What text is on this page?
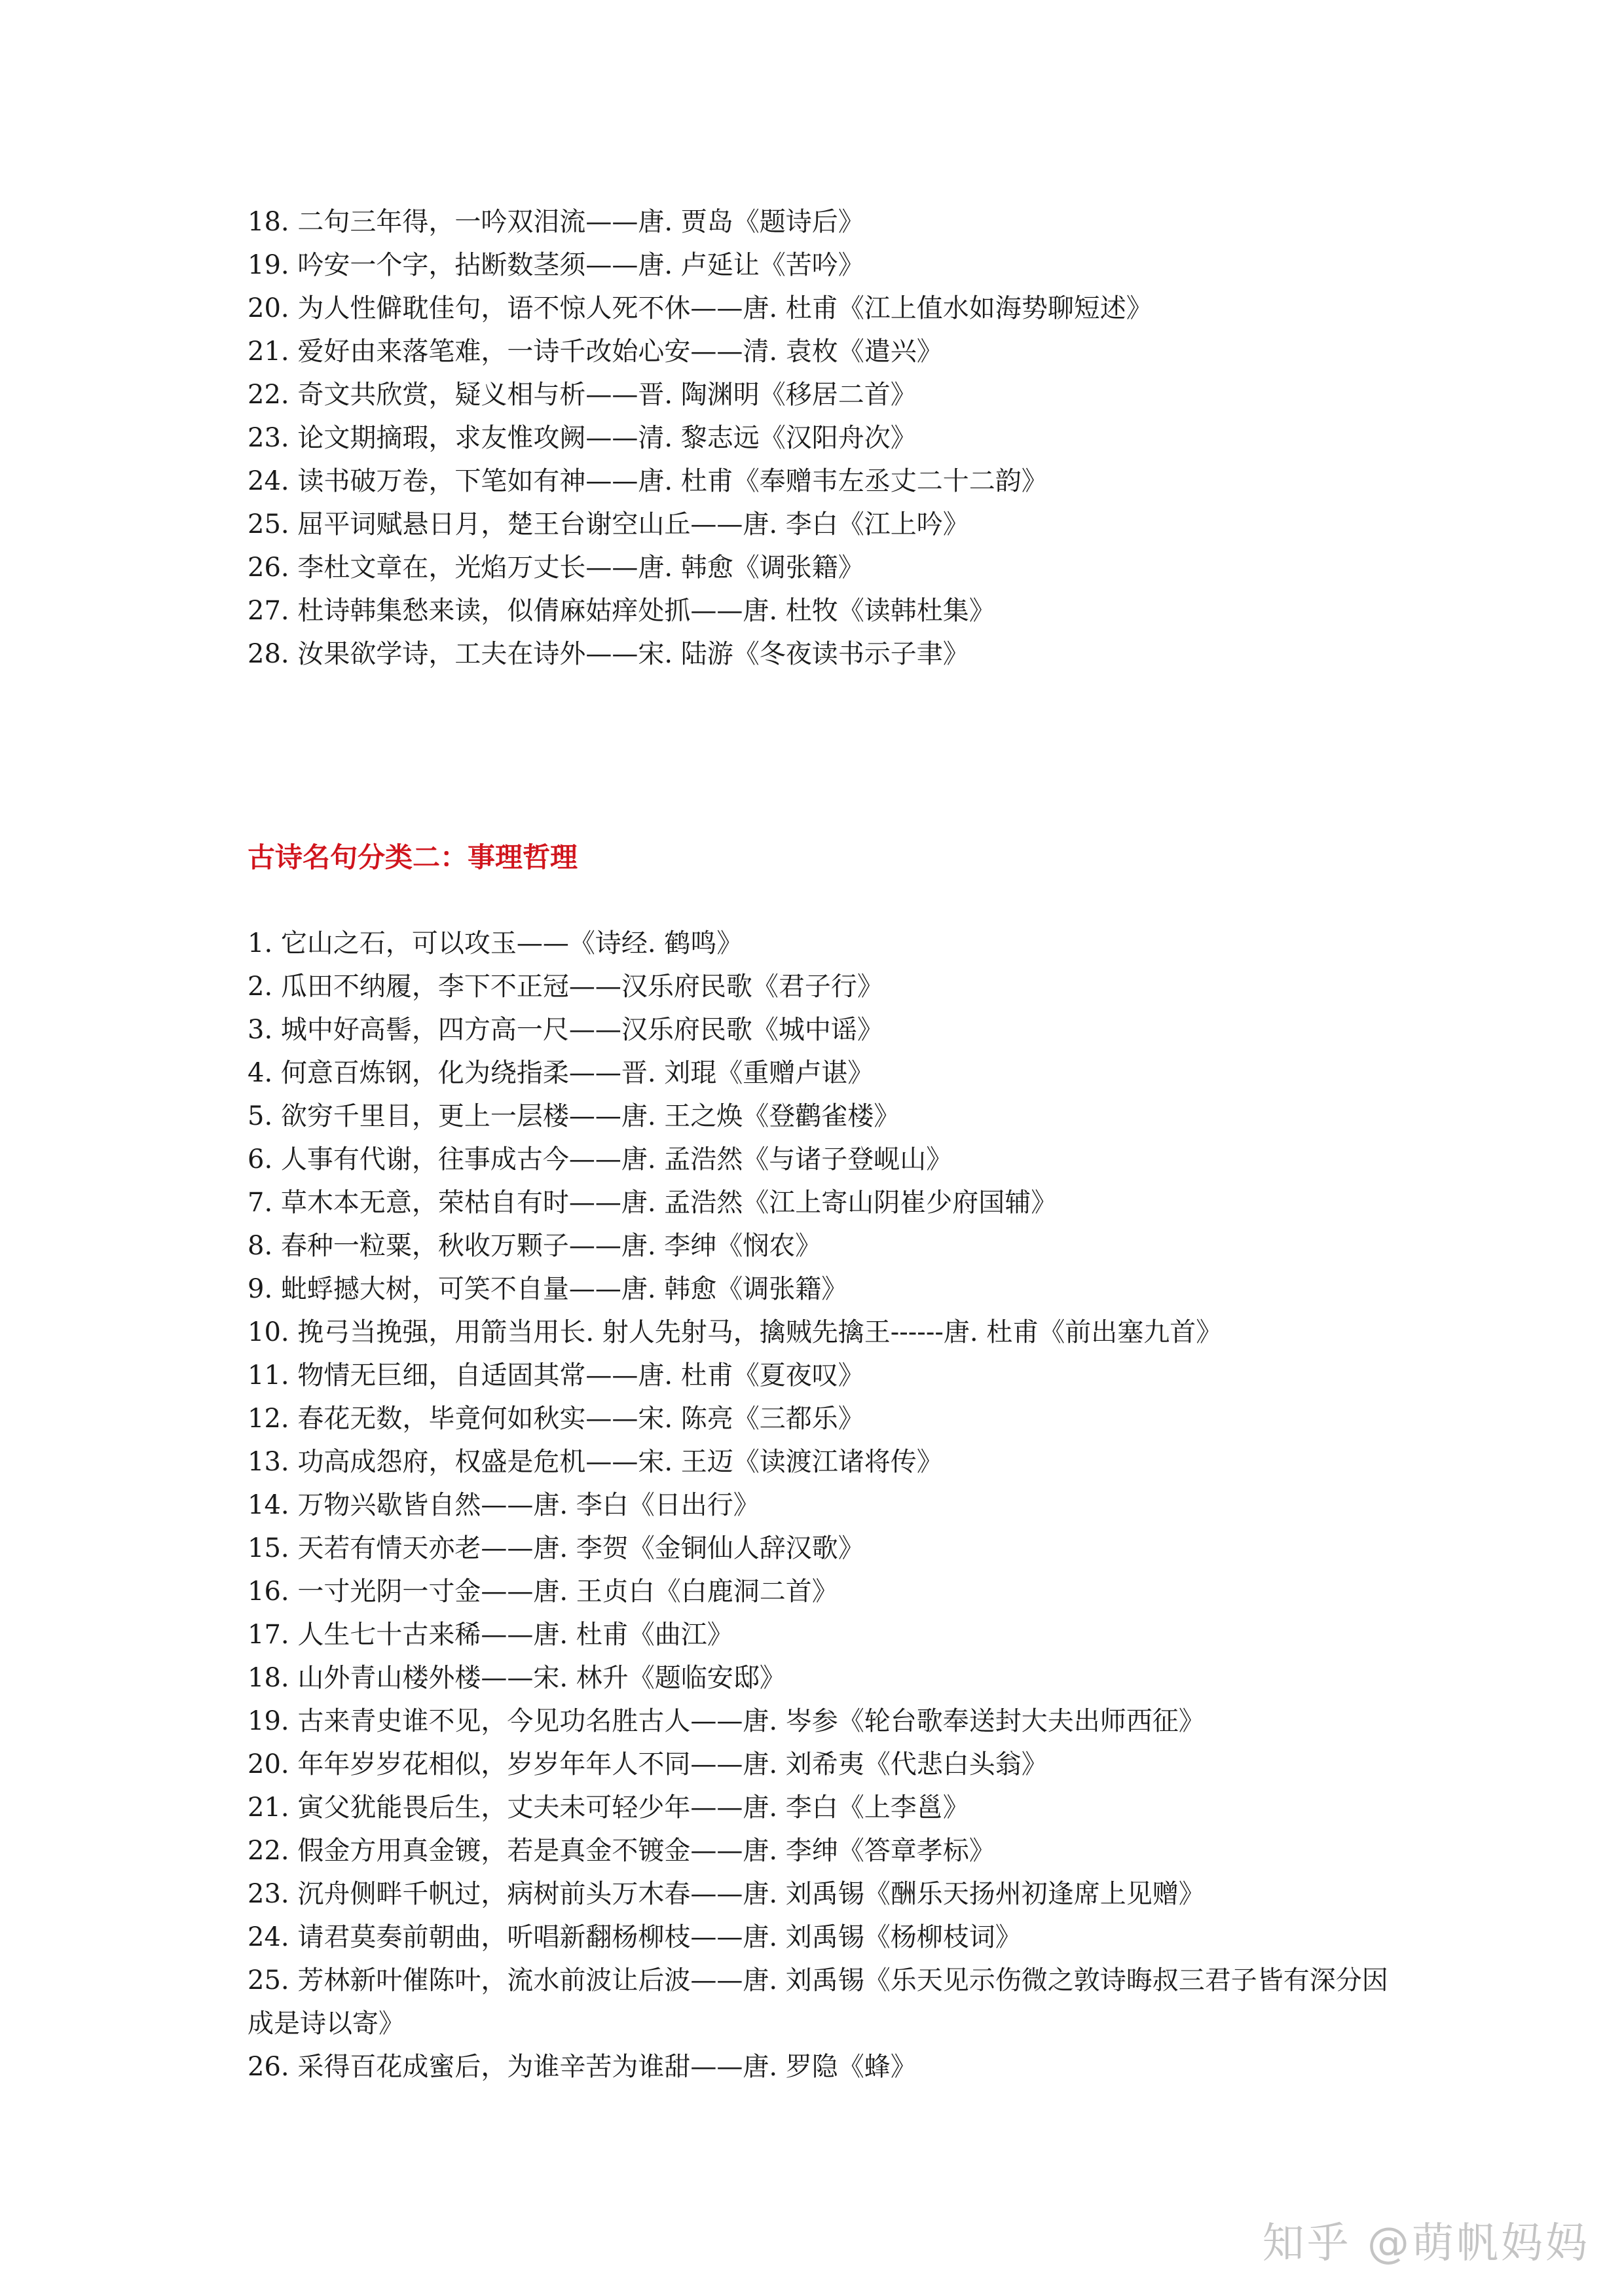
18. 二句三年得，一吟双泪流——唐. 贾岛《题诗后》
19. 吟安一个字，拈断数茎须——唐. 卢延让《苦吟》
20. 为人性僻耽佳句，语不惊人死不休——唐. 杜甫《江上值水如海势聊短述》
21. 爱好由来落笔难，一诗千改始心安——清. 袁枚《遣兴》
22. 奇文共欣赏，疑义相与析——晋. 陶渊明《移居二首》
23. 论文期摘瑕，求友惟攻阙——清. 黎志远《汉阳舟次》
24. 读书破万卷，下笔如有神——唐. 杜甫《奉赠韦左丞丈二十二韵》
25. 屈平词赋悬日月，楚王台谢空山丘——唐. 李白《江上吟》
26. 李杜文章在，光焰万丈长——唐. 韩愈《调张籍》
27. 杜诗韩集愁来读，似倩麻姑痒处抓——唐. 杜牧《读韩杜集》
28. 汝果欲学诗，工夫在诗外——宋. 陆游《冬夜读书示子聿》
古诗名句分类二：事理哲理
1. 它山之石，可以攻玉——《诗经. 鹤鸣》
2. 瓜田不纳履，李下不正冠——汉乐府民歌《君子行》
3. 城中好高髻，四方高一尺——汉乐府民歌《城中谣》
4. 何意百炼钢，化为绕指柔——晋. 刘琨《重赠卢谌》
5. 欲穷千里目，更上一层楼——唐. 王之焕《登鹳雀楼》
6. 人事有代谢，往事成古今——唐. 孟浩然《与诸子登岘山》
7. 草木本无意，荣枯自有时——唐. 孟浩然《江上寄山阴崔少府国辅》
8. 春种一粒粟，秋收万颗子——唐. 李绅《悯农》
9. 蚍蜉撼大树，可笑不自量——唐. 韩愈《调张籍》
10. 挽弓当挽强，用箭当用长. 射人先射马，擒贼先擒王------唐. 杜甫《前出塞九首》
11. 物情无巨细，自适固其常——唐. 杜甫《夏夜叹》
12. 春花无数，毕竟何如秋实——宋. 陈亮《三都乐》
13. 功高成怨府，权盛是危机——宋. 王迈《读渡江诸将传》
14. 万物兴歇皆自然——唐. 李白《日出行》
15. 天若有情天亦老——唐. 李贺《金铜仙人辞汉歌》
16. 一寸光阴一寸金——唐. 王贞白《白鹿洞二首》
17. 人生七十古来稀——唐. 杜甫《曲江》
18. 山外青山楼外楼——宋. 林升《题临安邸》
19. 古来青史谁不见，今见功名胜古人——唐. 岑参《轮台歌奉送封大夫出师西征》
20. 年年岁岁花相似，岁岁年年人不同——唐. 刘希夷《代悲白头翁》
21. 寅父犹能畏后生，丈夫未可轻少年——唐. 李白《上李邕》
22. 假金方用真金镀，若是真金不镀金——唐. 李绅《答章孝标》
23. 沉舟侧畔千帆过，病树前头万木春——唐. 刘禹锡《酬乐天扬州初逢席上见赠》
24. 请君莫奏前朝曲，听唱新翻杨柳枝——唐. 刘禹锡《杨柳枝词》
25. 芳林新叶催陈叶，流水前波让后波——唐. 刘禹锡《乐天见示伤微之敦诗晦叔三君子皆有深分因成是诗以寄》
26. 采得百花成蜜后，为谁辛苦为谁甜——唐. 罗隐《蜂》
知乎 @萌帆妈妈
